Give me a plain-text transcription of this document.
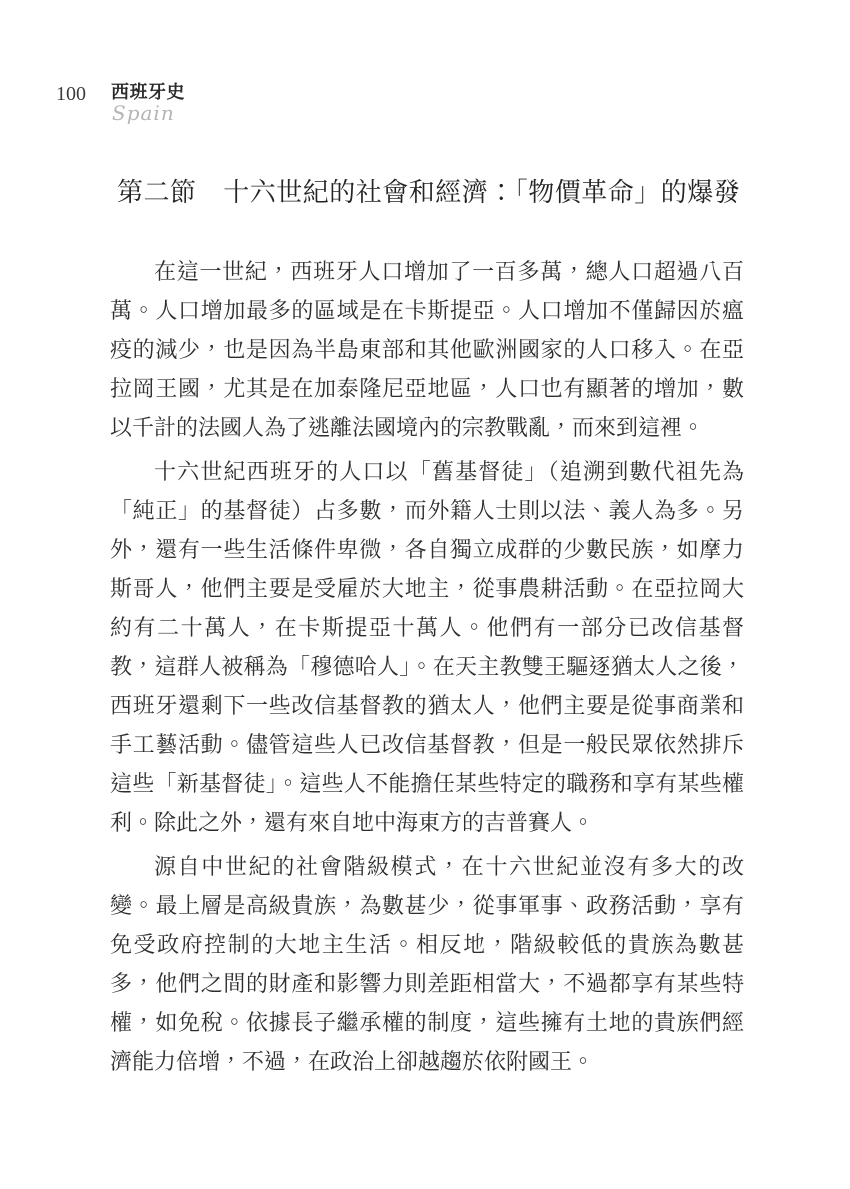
100 西班牙史
Spain
第二節 十六世紀的社會和經濟：「物價革命」的爆發

在這一世紀，西班牙人口增加了一百多萬，總人口超過八百萬。人口增加最多的區域是在卡斯提亞。人口增加不僅歸因於瘟疫的減少，也是因為半島東部和其他歐洲國家的人口移入。在亞拉岡王國，尤其是在加泰隆尼亞地區，人口也有顯著的增加，數以千計的法國人為了逃離法國境內的宗教戰亂，而來到這裡。

十六世紀西班牙的人口以「舊基督徒」（追溯到數代祖先為「純正」的基督徒）占多數，而外籍人士則以法、義人為多。另外，還有一些生活條件卑微，各自獨立成群的少數民族，如摩力斯哥人，他們主要是受雇於大地主，從事農耕活動。在亞拉岡大約有二十萬人，在卡斯提亞十萬人。他們有一部分已改信基督教，這群人被稱為「穆德哈人」。在天主教雙王驅逐猶太人之後，西班牙還剩下一些改信基督教的猶太人，他們主要是從事商業和手工藝活動。儘管這些人已改信基督教，但是一般民眾依然排斥這些「新基督徒」。這些人不能擔任某些特定的職務和享有某些權利。除此之外，還有來自地中海東方的吉普賽人。

源自中世紀的社會階級模式，在十六世紀並沒有多大的改變。最上層是高級貴族，為數甚少，從事軍事、政務活動，享有免受政府控制的大地主生活。相反地，階級較低的貴族為數甚多，他們之間的財產和影響力則差距相當大，不過都享有某些特權，如免稅。依據長子繼承權的制度，這些擁有土地的貴族們經濟能力倍增，不過，在政治上卻越趨於依附國王。
